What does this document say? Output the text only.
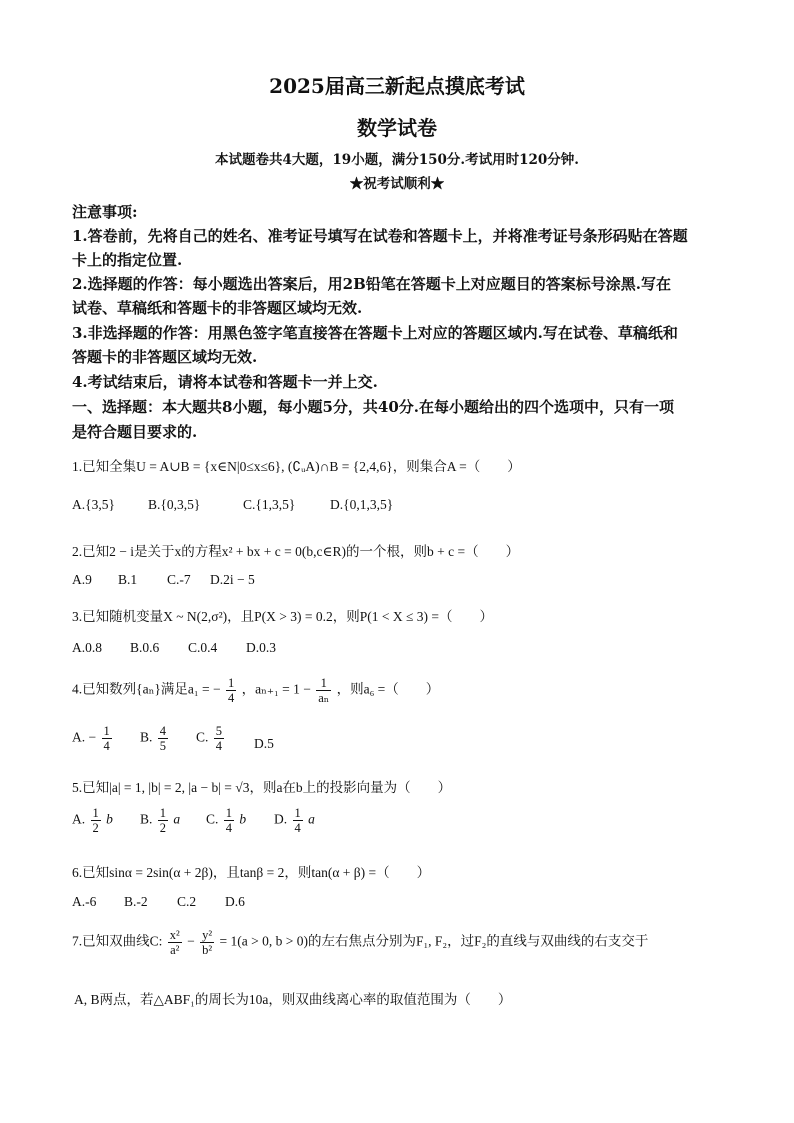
2025届高三新起点摸底考试
数学试卷
本试题卷共4大题，19小题，满分150分.考试用时120分钟.
★祝考试顺利★
注意事项:
1.答卷前，先将自己的姓名、准考证号填写在试卷和答题卡上，并将准考证号条形码贴在答题
卡上的指定位置.
2.选择题的作答：每小题选出答案后，用2B铅笔在答题卡上对应题目的答案标号涂黑.写在
试卷、草稿纸和答题卡的非答题区域均无效.
3.非选择题的作答：用黑色签字笔直接答在答题卡上对应的答题区域内.写在试卷、草稿纸和
答题卡的非答题区域均无效.
4.考试结束后，请将本试卷和答题卡一并上交.
一、选择题：本大题共8小题，每小题5分，共40分.在每小题给出的四个选项中，只有一项
是符合题目要求的.
1.已知全集U = A∪B = {x∈N|0≤x≤6}, (∁ᵤA)∩B = {2,4,6}，则集合A =（　　）
A.{3,5} B.{0,3,5}	C.{1,3,5}	D.{0,1,3,5}
2.已知2 − i是关于x的方程x² + bx + c = 0(b,c∈R)的一个根，则b + c =（　　）
A.9 B.1 C.-7 D.2i − 5
3.已知随机变量X ~ N(2,σ²)，且P(X > 3) = 0.2，则P(1 < X ≤ 3) =（　　）
A.0.8 B.0.6 C.0.4 D.0.3
4.已知数列{aₙ}满足a₁ = − $\frac{1}{4}$ ，$a_{n+1} = 1 - \frac{1}{\text{aₙ}}$ ，则a₆ =（　　）
A. − $\frac{1}{4} B$. $\frac{4}{5} C$. $\frac{5}{4} D.5$
5.已知|a| = 1, |b| = 2, |a − b| = √3，则a在b上的投影向量为（　　）
A. $\frac{1}{2}$ b B. $\frac{1}{2}$ a C. $\frac{1}{4}$ b D. $\frac{1}{4}$ a
6.已知sinα = 2sin(α + 2β)，且tanβ = 2，则tan(α + β) =（　　）
A.-6 B.-2 C.2 D.6
7.已知双曲线C: $\frac{\text{x²}}{\text{a²}} - \frac{\text{y²}}{\text{b²}} = 1(a > 0$, b > 0)的左右焦点分别为F₁, F₂，过F₂的直线与双曲线的右支交于
A, B两点，若△ABF₁的周长为10a，则双曲线离心率的取值范围为（　　）
